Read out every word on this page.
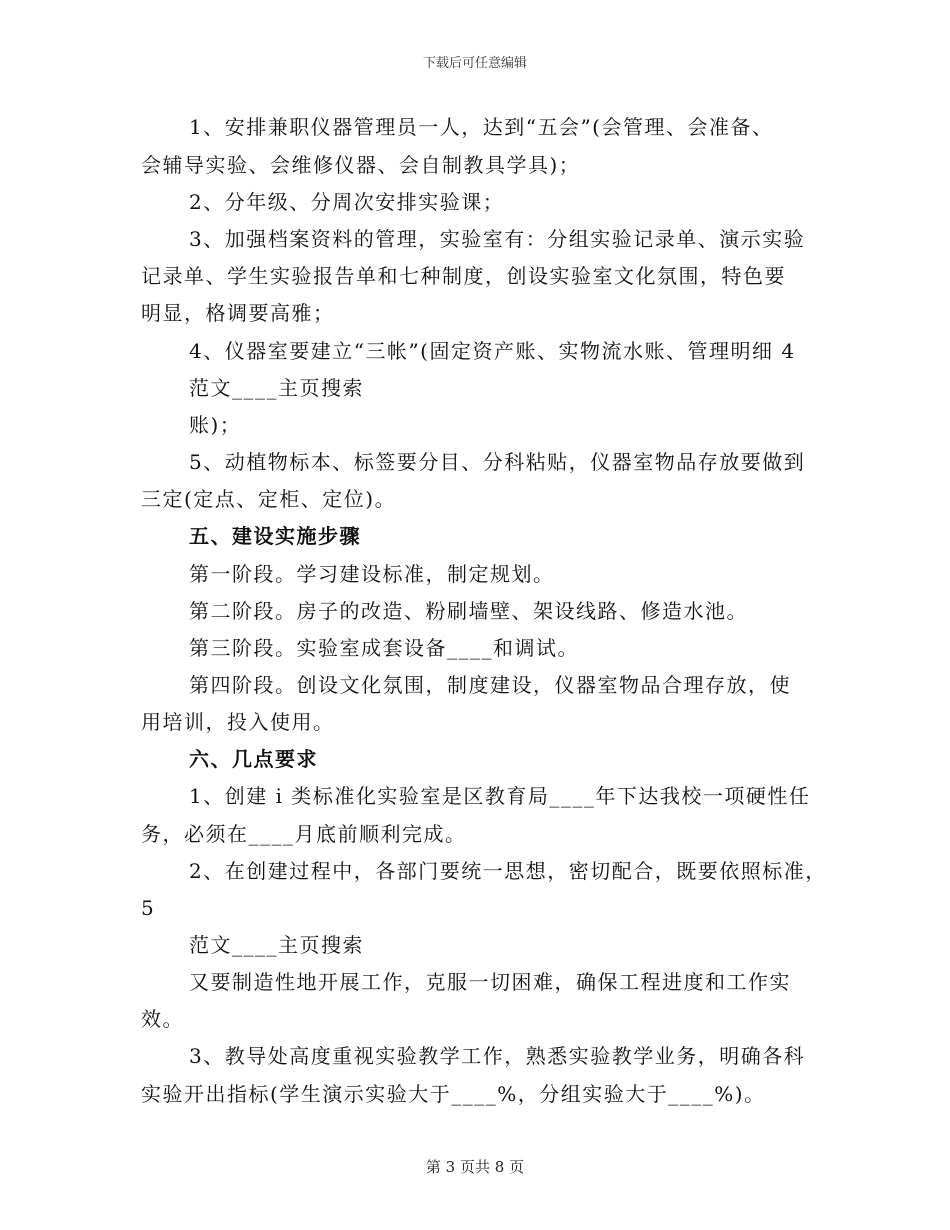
下载后可任意编辑
1、安排兼职仪器管理员一人，达到“五会”(会管理、会准备、
会辅导实验、会维修仪器、会自制教具学具)；
2、分年级、分周次安排实验课；
3、加强档案资料的管理，实验室有：分组实验记录单、演示实验
记录单、学生实验报告单和七种制度，创设实验室文化氛围，特色要
明显，格调要高雅；
4、仪器室要建立“三帐”(固定资产账、实物流水账、管理明细 4
范文____主页搜索
账)；
5、动植物标本、标签要分目、分科粘贴，仪器室物品存放要做到
三定(定点、定柜、定位)。
五、建设实施步骤
第一阶段。学习建设标准，制定规划。
第二阶段。房子的改造、粉刷墙壁、架设线路、修造水池。
第三阶段。实验室成套设备____和调试。
第四阶段。创设文化氛围，制度建设，仪器室物品合理存放，使
用培训，投入使用。
六、几点要求
1、创建 i 类标准化实验室是区教育局____年下达我校一项硬性任
务，必须在____月底前顺利完成。
2、在创建过程中，各部门要统一思想，密切配合，既要依照标准，
5
范文____主页搜索
又要制造性地开展工作，克服一切困难，确保工程进度和工作实
效。
3、教导处高度重视实验教学工作，熟悉实验教学业务，明确各科
实验开出指标(学生演示实验大于____%，分组实验大于____%)。
第 3 页共 8 页
